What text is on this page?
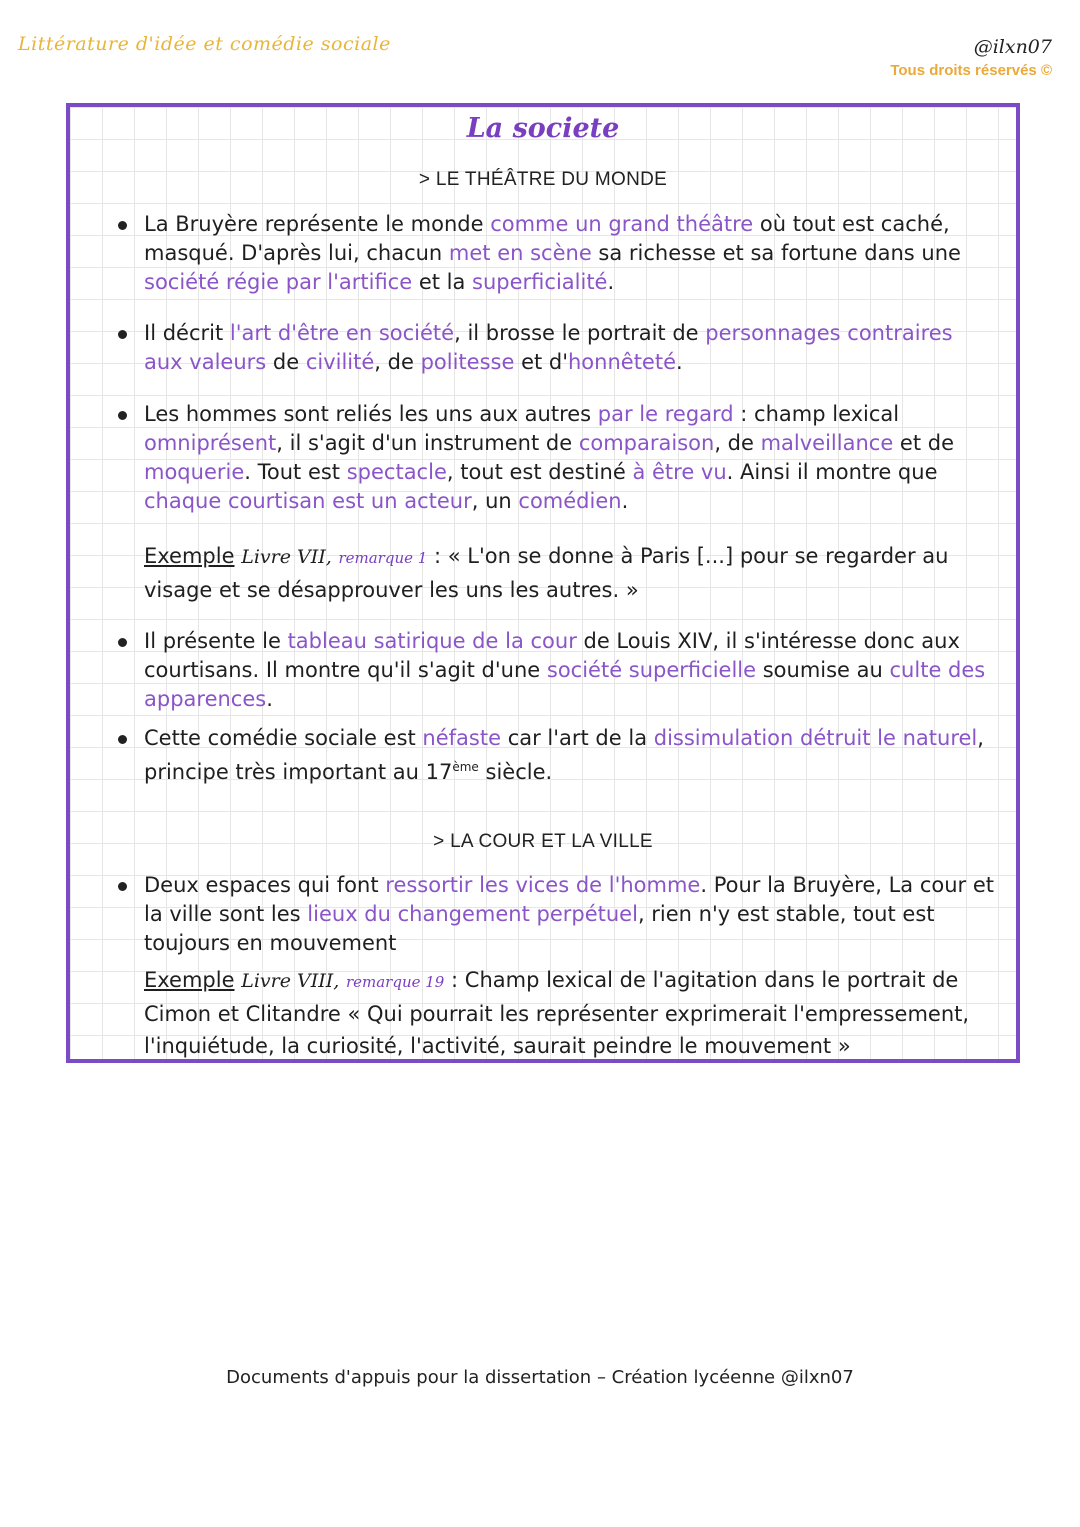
Littérature d'idée et comédie sociale	@ilxn07
Tous droits réservés ©
La societe
> LE THÉÂTRE DU MONDE
La Bruyère représente le monde comme un grand théâtre où tout est caché, masqué. D'après lui, chacun met en scène sa richesse et sa fortune dans une société régie par l'artifice et la superficialité.
Il décrit l'art d'être en société, il brosse le portrait de personnages contraires aux valeurs de civilité, de politesse et d'honnêteté.
Les hommes sont reliés les uns aux autres par le regard : champ lexical omniprésent, il s'agit d'un instrument de comparaison, de malveillance et de moquerie. Tout est spectacle, tout est destiné à être vu. Ainsi il montre que chaque courtisan est un acteur, un comédien.
Exemple Livre VII, remarque 1 : « L'on se donne à Paris [...] pour se regarder au visage et se désapprouver les uns les autres. »
Il présente le tableau satirique de la cour de Louis XIV, il s'intéresse donc aux courtisans. Il montre qu'il s'agit d'une société superficielle soumise au culte des apparences.
Cette comédie sociale est néfaste car l'art de la dissimulation détruit le naturel, principe très important au 17ème siècle.
> LA COUR ET LA VILLE
Deux espaces qui font ressortir les vices de l'homme. Pour la Bruyère, La cour et la ville sont les lieux du changement perpétuel, rien n'y est stable, tout est toujours en mouvement
Exemple Livre VIII, remarque 19 : Champ lexical de l'agitation dans le portrait de Cimon et Clitandre « Qui pourrait les représenter exprimerait l'empressement, l'inquiétude, la curiosité, l'activité, saurait peindre le mouvement »
Documents d'appuis pour la dissertation – Création lycéenne @ilxn07
